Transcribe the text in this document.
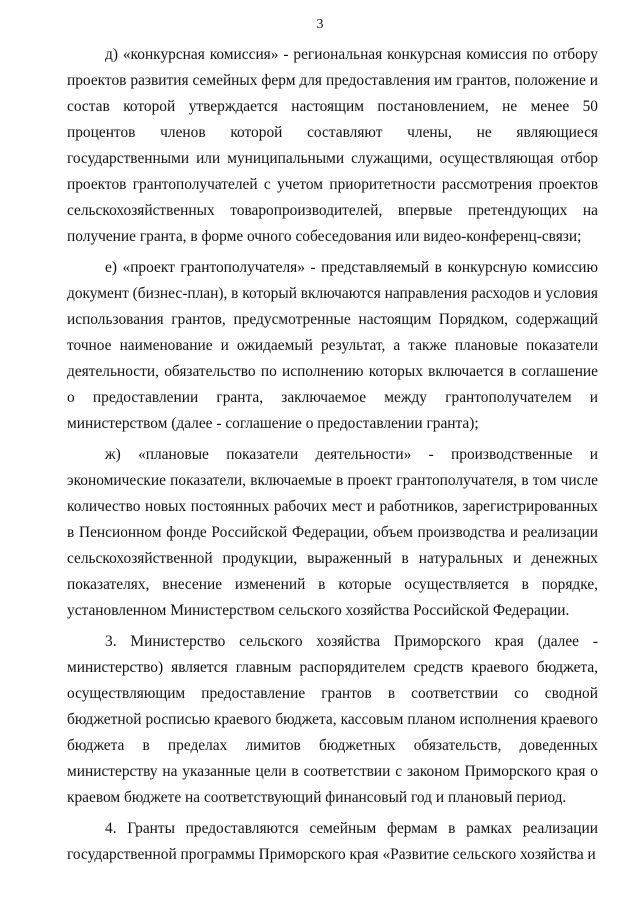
3

д) «конкурсная комиссия» - региональная конкурсная комиссия по отбору проектов развития семейных ферм для предоставления им грантов, положение и состав которой утверждается настоящим постановлением, не менее 50 процентов членов которой составляют члены, не являющиеся государственными или муниципальными служащими, осуществляющая отбор проектов грантополучателей с учетом приоритетности рассмотрения проектов сельскохозяйственных товаропроизводителей, впервые претендующих на получение гранта, в форме очного собеседования или видео-конференц-связи;

е) «проект грантополучателя» - представляемый в конкурсную комиссию документ (бизнес-план), в который включаются направления расходов и условия использования грантов, предусмотренные настоящим Порядком, содержащий точное наименование и ожидаемый результат, а также плановые показатели деятельности, обязательство по исполнению которых включается в соглашение о предоставлении гранта, заключаемое между грантополучателем и министерством (далее - соглашение о предоставлении гранта);

ж) «плановые показатели деятельности» - производственные и экономические показатели, включаемые в проект грантополучателя, в том числе количество новых постоянных рабочих мест и работников, зарегистрированных в Пенсионном фонде Российской Федерации, объем производства и реализации сельскохозяйственной продукции, выраженный в натуральных и денежных показателях, внесение изменений в которые осуществляется в порядке, установленном Министерством сельского хозяйства Российской Федерации.

3. Министерство сельского хозяйства Приморского края (далее - министерство) является главным распорядителем средств краевого бюджета, осуществляющим предоставление грантов в соответствии со сводной бюджетной росписью краевого бюджета, кассовым планом исполнения краевого бюджета в пределах лимитов бюджетных обязательств, доведенных министерству на указанные цели в соответствии с законом Приморского края о краевом бюджете на соответствующий финансовый год и плановый период.

4. Гранты предоставляются семейным фермам в рамках реализации государственной программы Приморского края «Развитие сельского хозяйства и
